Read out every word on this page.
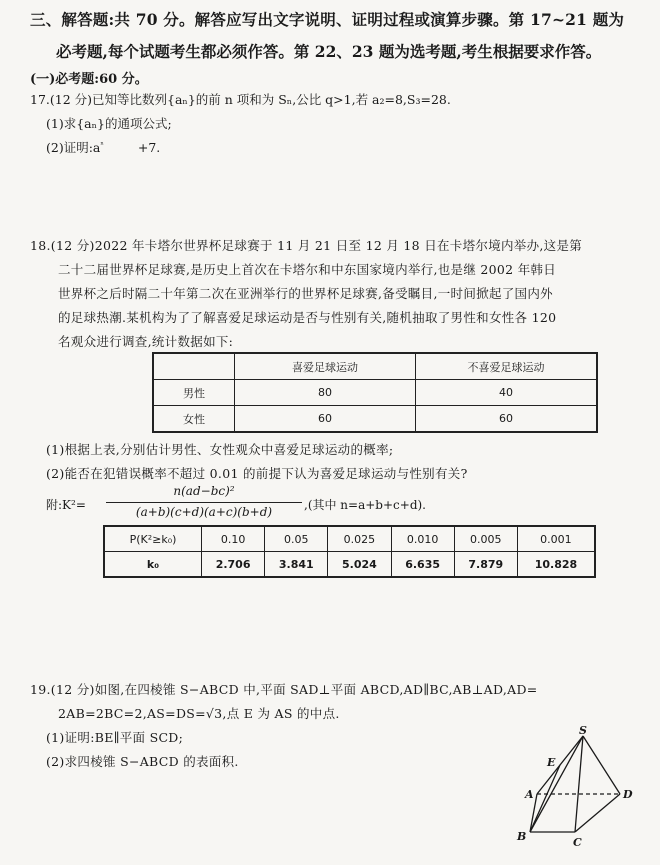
三、解答题:共 70 分。解答应写出文字说明、证明过程或演算步骤。第 17~21 题为
必考题,每个试题考生都必须作答。第 22、23 题为选考题,考生根据要求作答。
(一)必考题:60 分。
17.(12 分)已知等比数列{aₙ}的前 n 项和为 Sₙ,公比 q>1,若 a₂=8,S₃=28.
(1)求{aₙ}的通项公式;
(2)证明$:a^{^n}$	+7.
18.(12 分)2022 年卡塔尔世界杯足球赛于 11 月 21 日至 12 月 18 日在卡塔尔境内举办,这是第
二十二届世界杯足球赛,是历史上首次在卡塔尔和中东国家境内举行,也是继 2002 年韩日
世界杯之后时隔二十年第二次在亚洲举行的世界杯足球赛,备受瞩目,一时间掀起了国内外
的足球热潮.某机构为了了解喜爱足球运动是否与性别有关,随机抽取了男性和女性各 120
名观众进行调查,统计数据如下:
	喜爱足球运动	不喜爱足球运动
男性	80	40
女性	60	60
(1)根据上表,分别估计男性、女性观众中喜爱足球运动的概率;
(2)能否在犯错误概率不超过 0.01 的前提下认为喜爱足球运动与性别有关?
附:K²=
n(ad−bc)²
(a+b)(c+d)(a+c)(b+d)	,(其中 n=a+b+c+d).
P(K²≥k₀)	0.10	0.05	0.025	0.010	0.005	0.001
k₀	2.706	3.841	5.024	6.635	7.879	10.828
19.(12 分)如图,在四棱锥 S−ABCD 中,平面 SAD⊥平面 ABCD,AD∥BC,AB⊥AD,AD=
2AB=2BC=2,AS=DS=√3,点 E 为 AS 的中点.
(1)证明:BE∥平面 SCD;
(2)求四棱锥 S−ABCD 的表面积.
S
E
A	D
B	C
